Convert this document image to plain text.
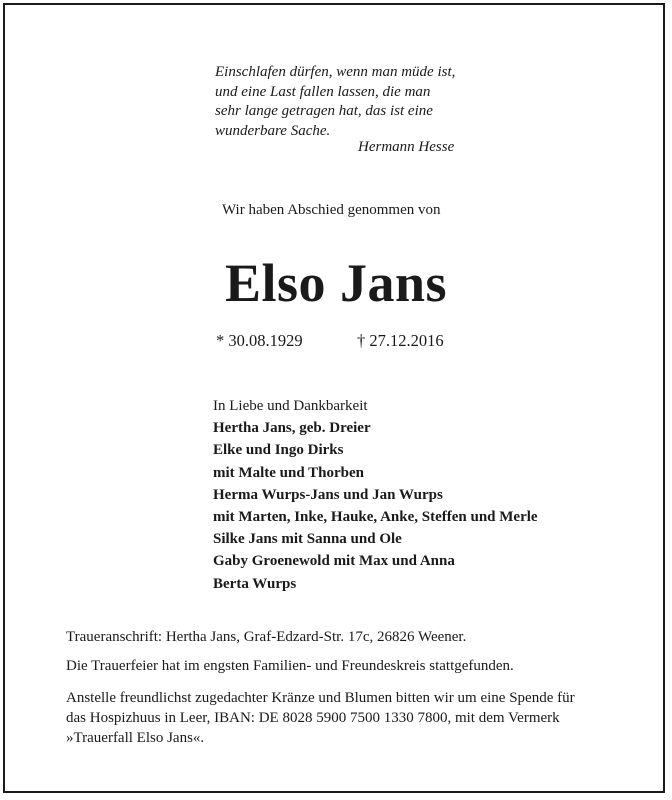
Einschlafen dürfen, wenn man müde ist,
und eine Last fallen lassen, die man
sehr lange getragen hat, das ist eine
wunderbare Sache.
Hermann Hesse
Wir haben Abschied genommen von
Elso Jans
* 30.08.1929	† 27.12.2016
In Liebe und Dankbarkeit
Hertha Jans, geb. Dreier
Elke und Ingo Dirks
mit Malte und Thorben
Herma Wurps-Jans und Jan Wurps
mit Marten, Inke, Hauke, Anke, Steffen und Merle
Silke Jans mit Sanna und Ole
Gaby Groenewold mit Max und Anna
Berta Wurps
Traueranschrift: Hertha Jans, Graf-Edzard-Str. 17c, 26826 Weener.
Die Trauerfeier hat im engsten Familien- und Freundeskreis stattgefunden.
Anstelle freundlichst zugedachter Kränze und Blumen bitten wir um eine Spende für
das Hospizhuus in Leer, IBAN: DE 8028 5900 7500 1330 7800, mit dem Vermerk
»Trauerfall Elso Jans«.
